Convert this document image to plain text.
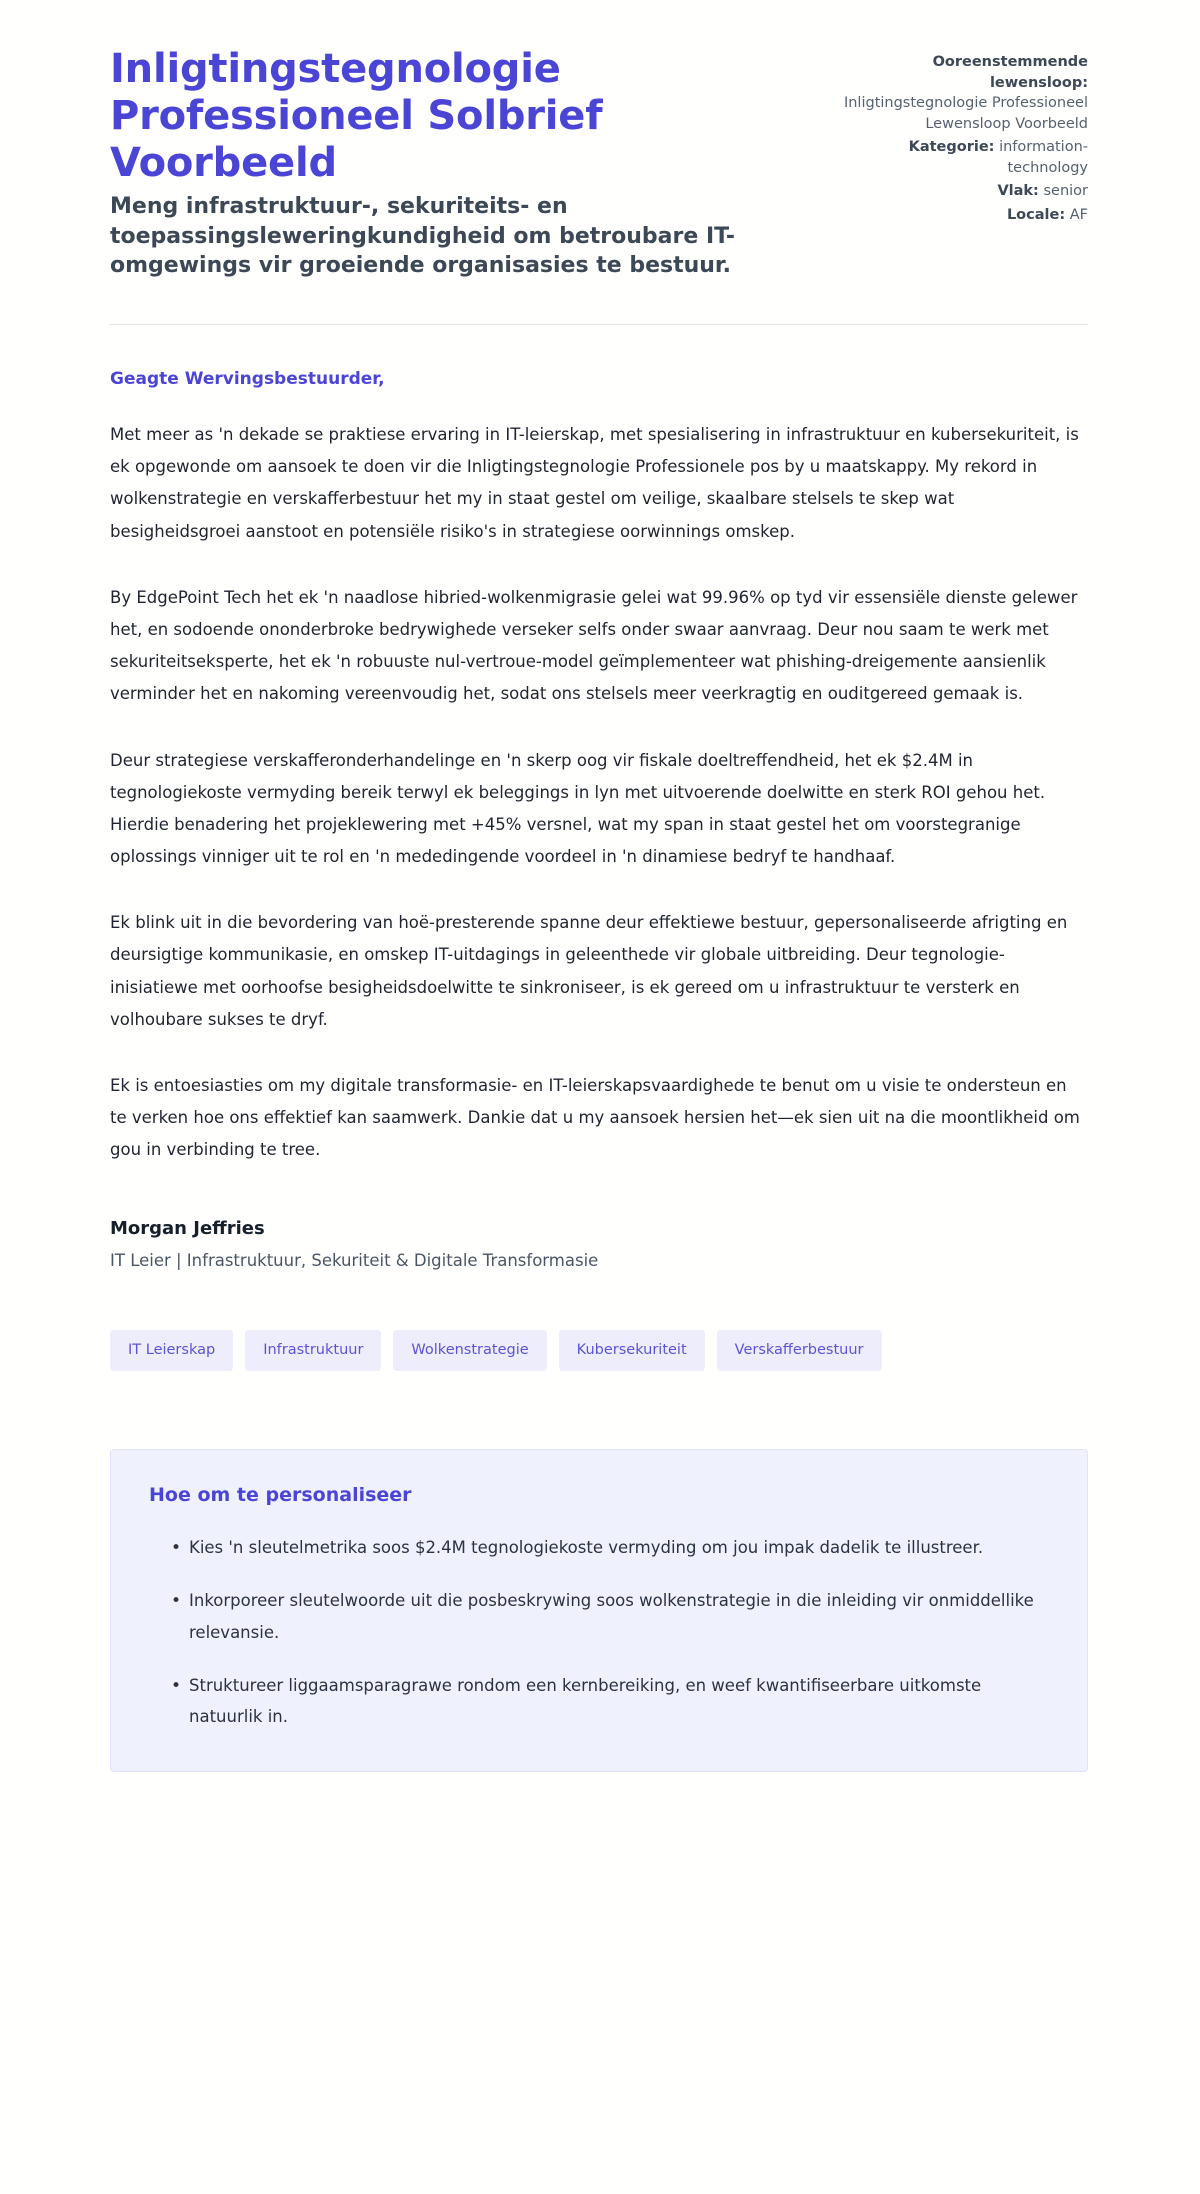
Inligtingstegnologie Professioneel Solbrief Voorbeeld

Meng infrastruktuur-, sekuriteits- en toepassingsleweringkundigheid om betroubare IT-omgewings vir groeiende organisasies te bestuur.

Ooreenstemmende lewensloop:
Inligtingstegnologie Professioneel Lewensloop Voorbeeld
Kategorie: information-technology
Vlak: senior
Locale: AF

Geagte Wervingsbestuurder,

Met meer as 'n dekade se praktiese ervaring in IT-leierskap, met spesialisering in infrastruktuur en kubersekuriteit, is ek opgewonde om aansoek te doen vir die Inligtingstegnologie Professionele pos by u maatskappy. My rekord in wolkenstrategie en verskafferbestuur het my in staat gestel om veilige, skaalbare stelsels te skep wat besigheidsgroei aanstoot en potensiële risiko's in strategiese oorwinnings omskep.

By EdgePoint Tech het ek 'n naadlose hibried-wolkenmigrasie gelei wat 99.96% op tyd vir essensiële dienste gelewer het, en sodoende ononderbroke bedrywighede verseker selfs onder swaar aanvraag. Deur nou saam te werk met sekuriteitseksperte, het ek 'n robuuste nul-vertroue-model geïmplementeer wat phishing-dreigemente aansienlik verminder het en nakoming vereenvoudig het, sodat ons stelsels meer veerkragtig en ouditgereed gemaak is.

Deur strategiese verskafferonderhandelinge en 'n skerp oog vir fiskale doeltreffendheid, het ek $2.4M in tegnologiekoste vermyding bereik terwyl ek beleggings in lyn met uitvoerende doelwitte en sterk ROI gehou het. Hierdie benadering het projeklewering met +45% versnel, wat my span in staat gestel het om voorstegranige oplossings vinniger uit te rol en 'n mededingende voordeel in 'n dinamiese bedryf te handhaaf.

Ek blink uit in die bevordering van hoë-presterende spanne deur effektiewe bestuur, gepersonaliseerde afrigting en deursigtige kommunikasie, en omskep IT-uitdagings in geleenthede vir globale uitbreiding. Deur tegnologie-inisiatiewe met oorhoofse besigheidsdoelwitte te sinkroniseer, is ek gereed om u infrastruktuur te versterk en volhoubare sukses te dryf.

Ek is entoesiasties om my digitale transformasie- en IT-leierskapsvaardighede te benut om u visie te ondersteun en te verken hoe ons effektief kan saamwerk. Dankie dat u my aansoek hersien het—ek sien uit na die moontlikheid om gou in verbinding te tree.

Morgan Jeffries

IT Leier | Infrastruktuur, Sekuriteit & Digitale Transformasie

IT Leierskap	Infrastruktuur	Wolkenstrategie	Kubersekuriteit	Verskafferbestuur
Hoe om te personaliseer
• Kies 'n sleutelmetrika soos $2.4M tegnologiekoste vermyding om jou impak dadelik te illustreer.
• Inkorporeer sleutelwoorde uit die posbeskrywing soos wolkenstrategie in die inleiding vir onmiddellike relevansie.
• Struktureer liggaamsparagrawe rondom een kernbereiking, en weef kwantifiseerbare uitkomste natuurlik in.
